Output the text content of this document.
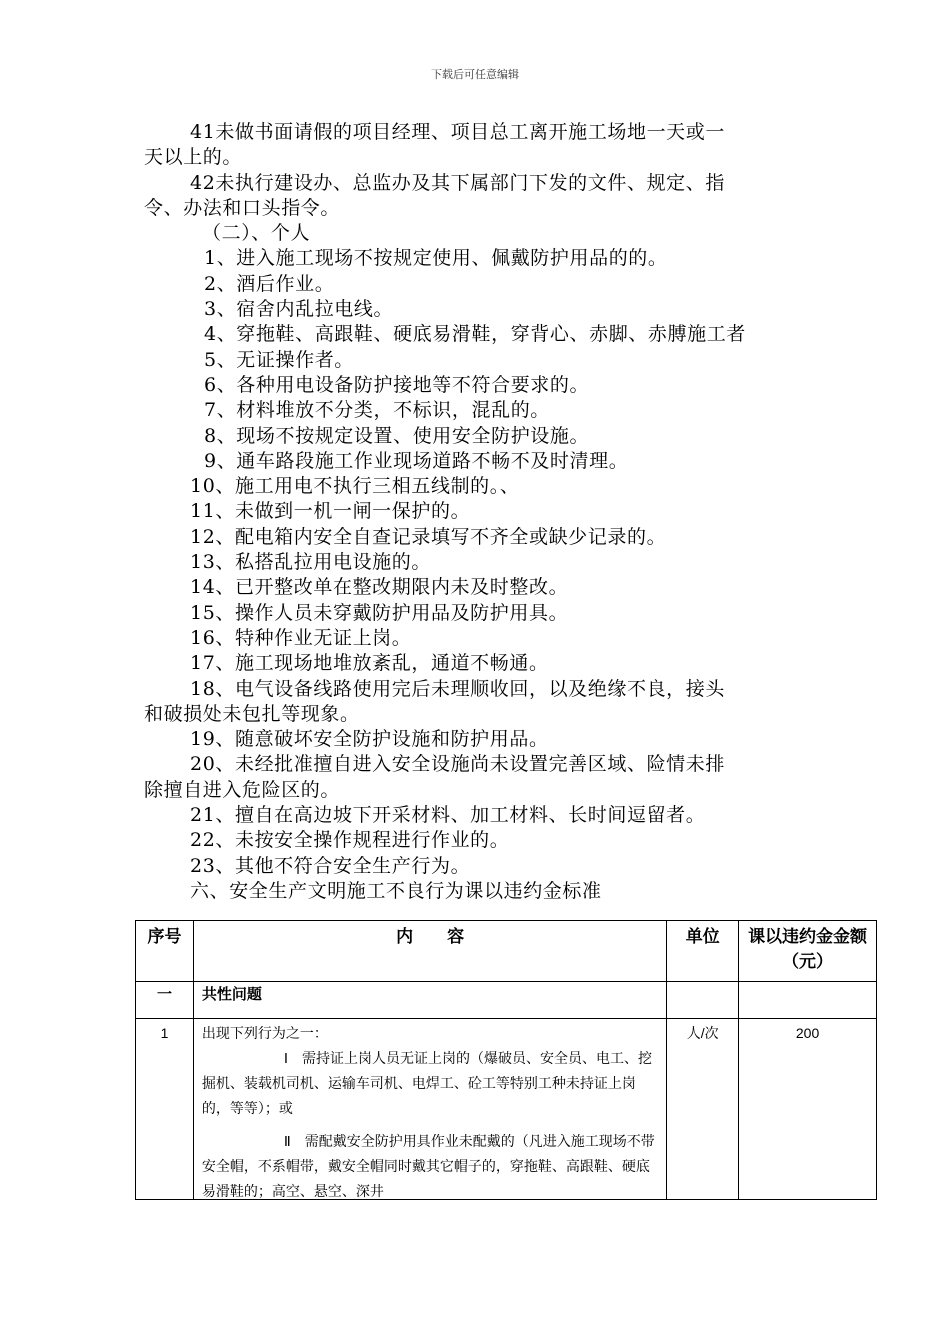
下载后可任意编辑

41未做书面请假的项目经理、项目总工离开施工场地一天或一

天以上的。

42未执行建设办、总监办及其下属部门下发的文件、规定、指

令、办法和口头指令。

（二）、个人

1、进入施工现场不按规定使用、佩戴防护用品的的。

2、酒后作业。

3、宿舍内乱拉电线。

4、穿拖鞋、高跟鞋、硬底易滑鞋，穿背心、赤脚、赤膊施工者

5、无证操作者。

6、各种用电设备防护接地等不符合要求的。

7、材料堆放不分类，不标识，混乱的。

8、现场不按规定设置、使用安全防护设施。

9、通车路段施工作业现场道路不畅不及时清理。

10、施工用电不执行三相五线制的。、

11、未做到一机一闸一保护的。

12、配电箱内安全自查记录填写不齐全或缺少记录的。

13、私搭乱拉用电设施的。

14、已开整改单在整改期限内未及时整改。

15、操作人员未穿戴防护用品及防护用具。

16、特种作业无证上岗。

17、施工现场地堆放紊乱，通道不畅通。

18、电气设备线路使用完后未理顺收回，以及绝缘不良，接头

和破损处未包扎等现象。

19、随意破坏安全防护设施和防护用品。

20、未经批准擅自进入安全设施尚未设置完善区域、险情未排

除擅自进入危险区的。

21、擅自在高边坡下开采材料、加工材料、长时间逗留者。

22、未按安全操作规程进行作业的。

23、其他不符合安全生产行为。

六、安全生产文明施工不良行为课以违约金标准

序号	内　　容	单位	课以违约金金额（元）
一	共性问题		
1	出现下列行为之一：
Ⅰ　需持证上岗人员无证上岗的（爆破员、安全员、电工、挖掘机、装载机司机、运输车司机、电焊工、砼工等特别工种未持证上岗的，等等）；或
Ⅱ　需配戴安全防护用具作业未配戴的（凡进入施工现场不带安全帽，不系帽带，戴安全帽同时戴其它帽子的，穿拖鞋、高跟鞋、硬底易滑鞋的；高空、悬空、深井	人/次	200
